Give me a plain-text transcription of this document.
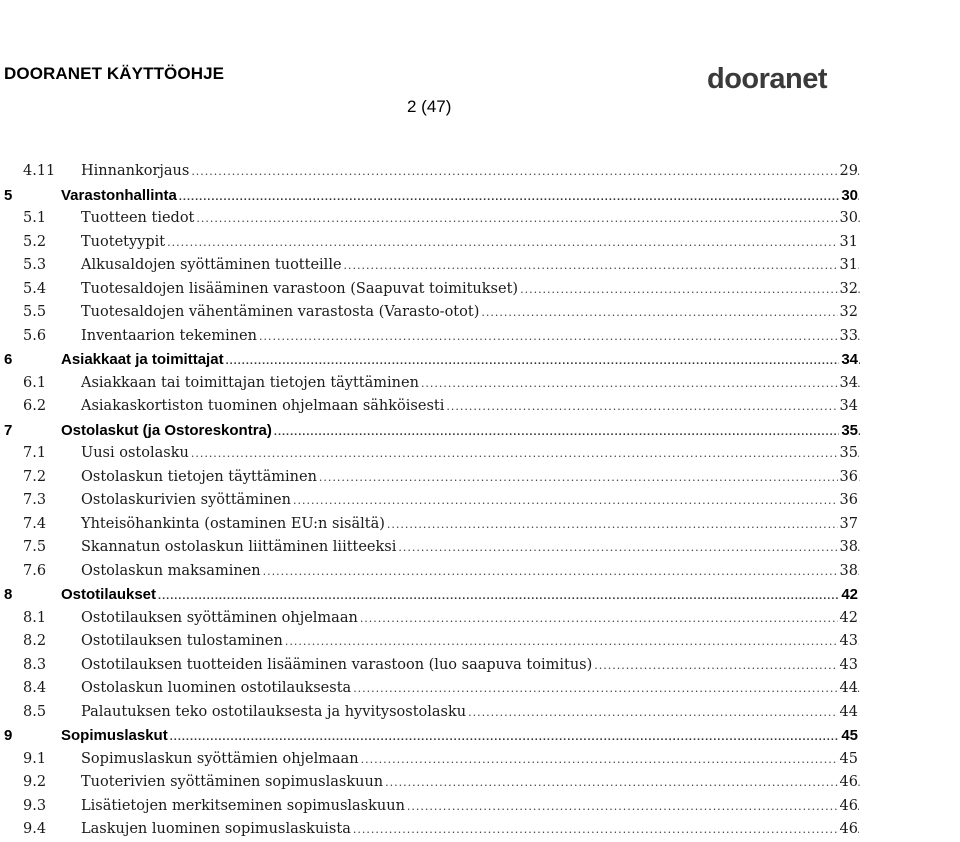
DOORANET KÄYTTÖOHJE
2 (47)
dooranet
4.11 Hinnankorjaus .....	29
5	Varastonhallinta .....	30
5.1 Tuotteen tiedot .....	30
5.2 Tuotetyypit .....	31
5.3 Alkusaldojen syöttäminen tuotteille .....	31
5.4 Tuotesaldojen lisääminen varastoon (Saapuvat toimitukset) .....	32
5.5 Tuotesaldojen vähentäminen varastosta (Varasto-otot) .....	32
5.6 Inventaarion tekeminen .....	33
6	Asiakkaat ja toimittajat .....	34
6.1 Asiakkaan tai toimittajan tietojen täyttäminen .....	34
6.2 Asiakaskortiston tuominen ohjelmaan sähköisesti .....	34
7	Ostolaskut (ja Ostoreskontra) .....	35
7.1 Uusi ostolasku .....	35
7.2 Ostolaskun tietojen täyttäminen .....	36
7.3 Ostolaskurivien syöttäminen .....	36
7.4 Yhteisöhankinta (ostaminen EU:n sisältä) .....	37
7.5 Skannatun ostolaskun liittäminen liitteeksi .....	38
7.6 Ostolaskun maksaminen .....	38
8	Ostotilaukset .....	42
8.1 Ostotilauksen syöttäminen ohjelmaan .....	42
8.2 Ostotilauksen tulostaminen .....	43
8.3 Ostotilauksen tuotteiden lisääminen varastoon (luo saapuva toimitus) .....	43
8.4 Ostolaskun luominen ostotilauksesta .....	44
8.5 Palautuksen teko ostotilauksesta ja hyvitysostolasku .....	44
9	Sopimuslaskut .....	45
9.1 Sopimuslaskun syöttämien ohjelmaan .....	45
9.2 Tuoterivien syöttäminen sopimuslaskuun .....	46
9.3 Lisätietojen merkitseminen sopimuslaskuun .....	46
9.4 Laskujen luominen sopimuslaskuista .....	46
